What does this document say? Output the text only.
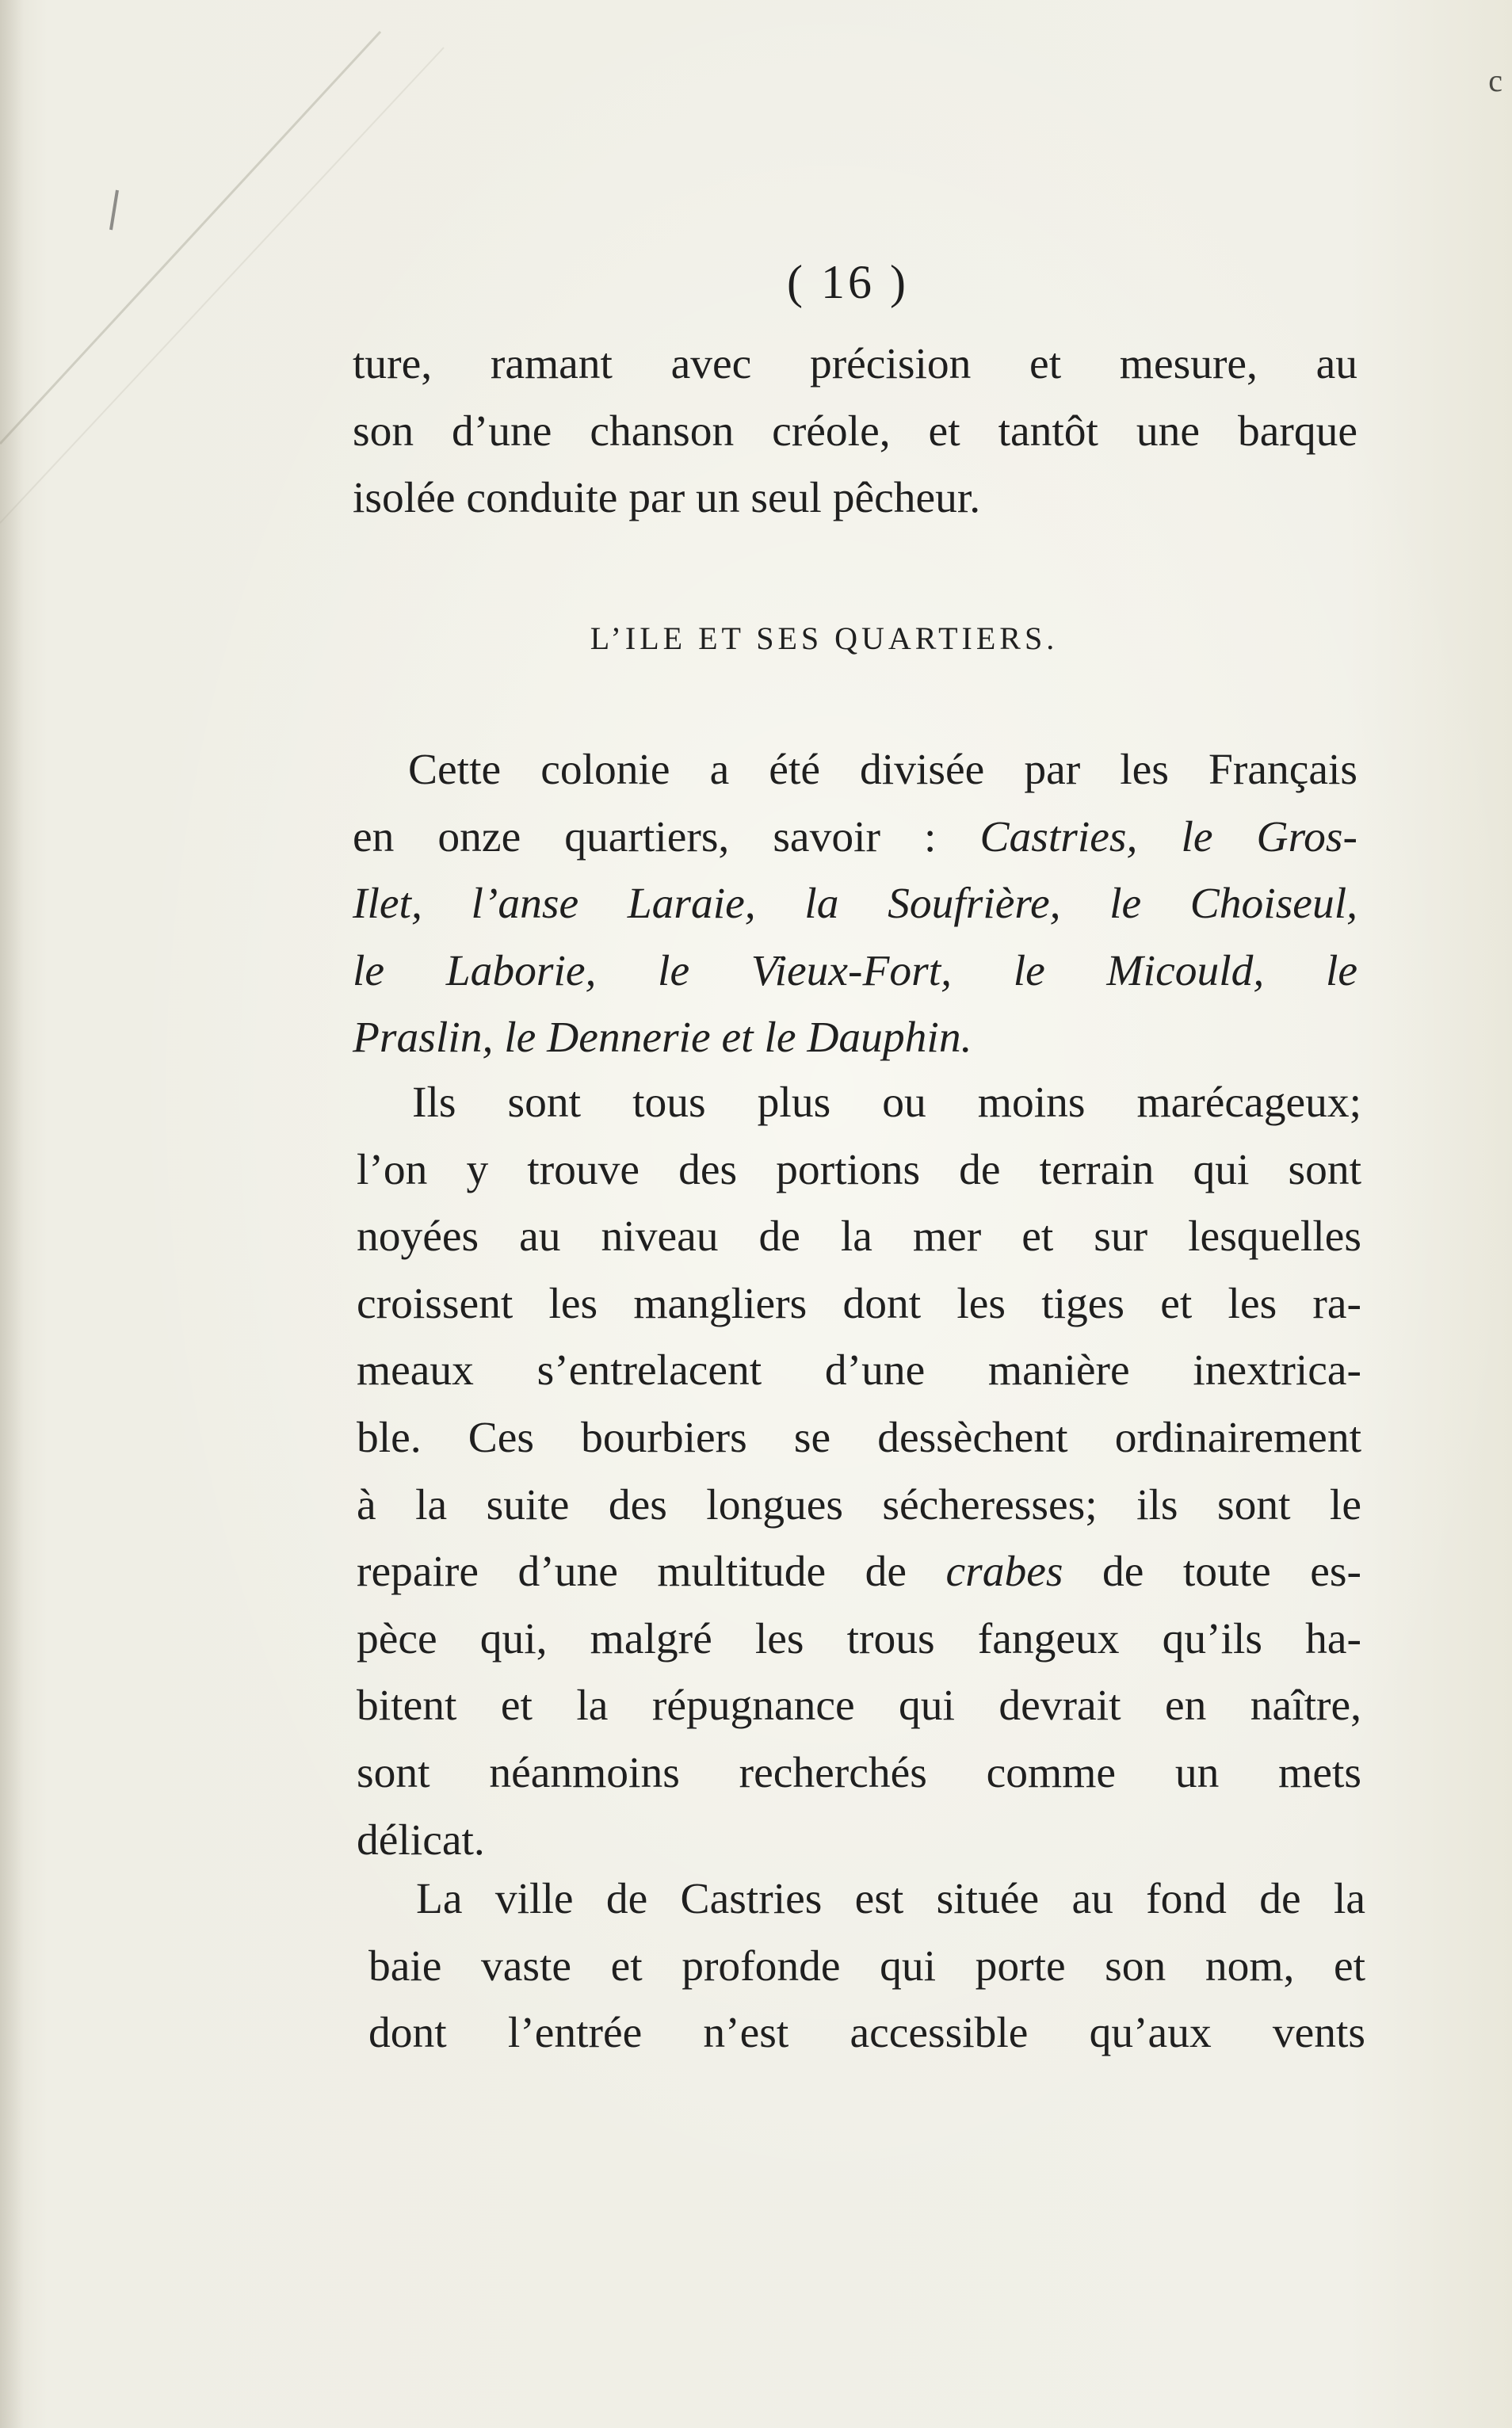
c
( 16 )
ture, ramant avec précision et mesure, au
son d’une chanson créole, et tantôt une barque
isolée conduite par un seul pêcheur.
L’ILE ET SES QUARTIERS.
Cette colonie a été divisée par les Français
en onze quartiers, savoir : Castries, le Gros-
Ilet, l’anse Laraie, la Soufrière, le Choiseul,
le Laborie, le Vieux-Fort, le Micould, le
Praslin, le Dennerie et le Dauphin.
Ils sont tous plus ou moins marécageux;
l’on y trouve des portions de terrain qui sont
noyées au niveau de la mer et sur lesquelles
croissent les mangliers dont les tiges et les ra-
meaux s’entrelacent d’une manière inextrica-
ble. Ces bourbiers se dessèchent ordinairement
à la suite des longues sécheresses; ils sont le
repaire d’une multitude de crabes de toute es-
pèce qui, malgré les trous fangeux qu’ils ha-
bitent et la répugnance qui devrait en naître,
sont néanmoins recherchés comme un mets
délicat.
La ville de Castries est située au fond de la
baie vaste et profonde qui porte son nom, et
dont l’entrée n’est accessible qu’aux vents
